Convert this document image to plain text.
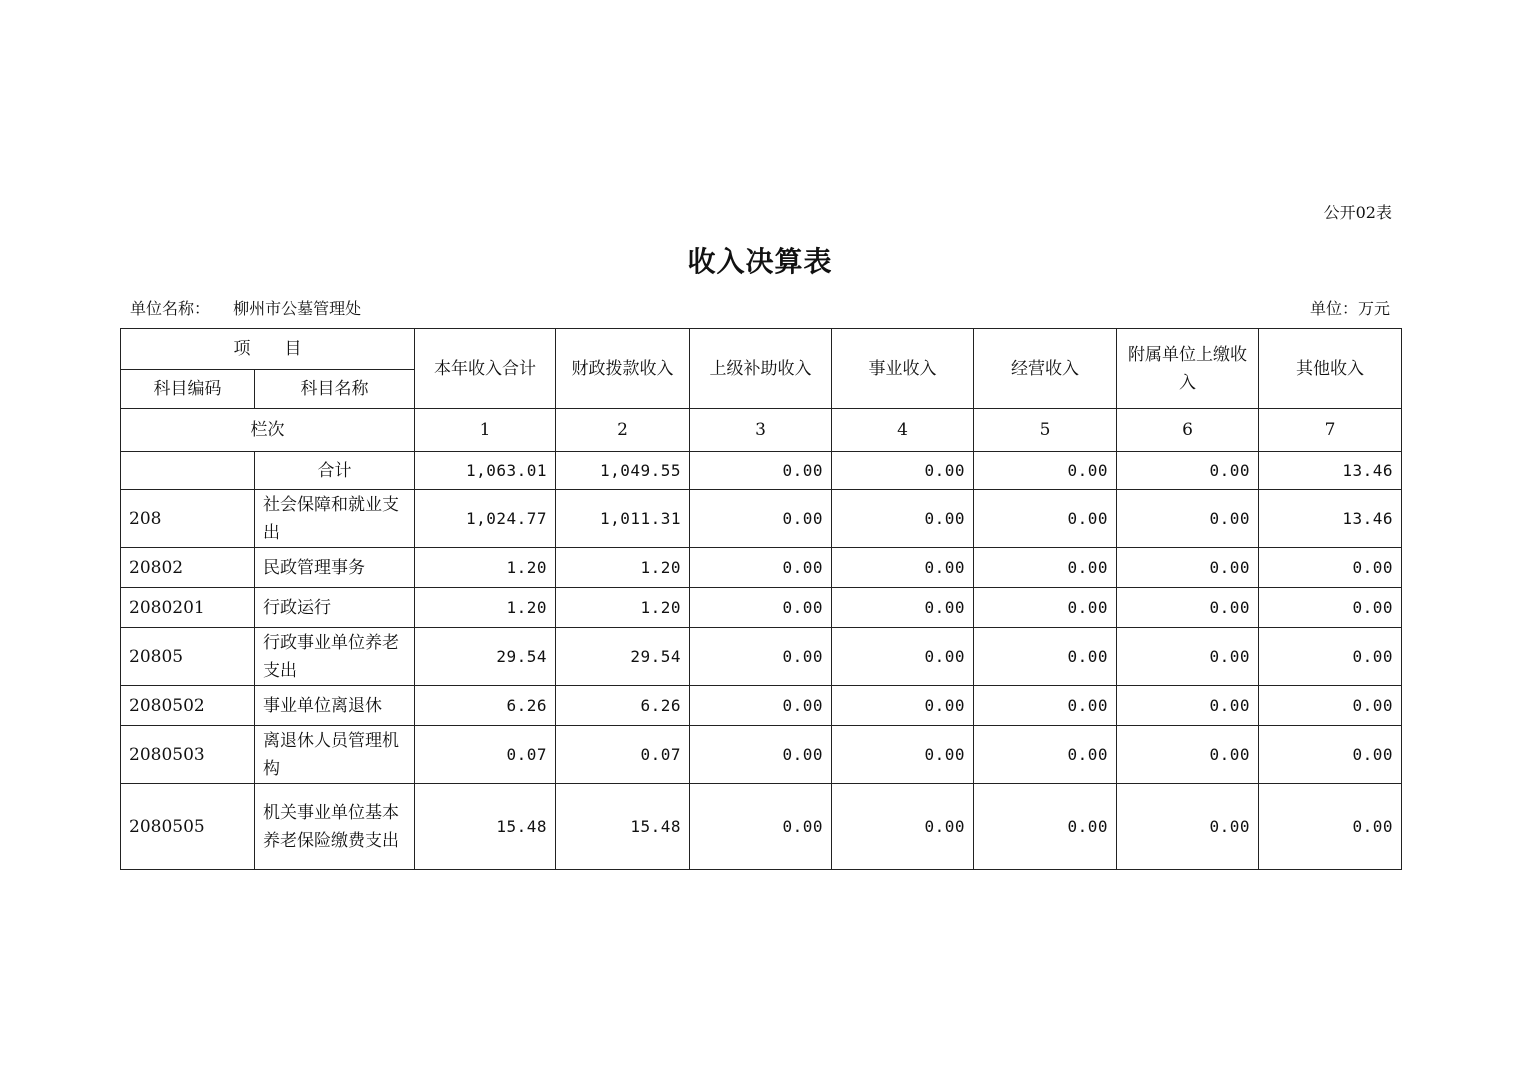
公开02表
收入决算表
单位名称： 柳州市公墓管理处	单位：万元
项　　目		本年收入合计	财政拨款收入	上级补助收入	事业收入	经营收入	附属单位上缴收入	其他收入
科目编码	科目名称							
栏次		1	2	3	4	5	6	7
	合计	1,063.01	1,049.55	0.00	0.00	0.00	0.00	13.46
208	社会保障和就业支出	1,024.77	1,011.31	0.00	0.00	0.00	0.00	13.46
20802	民政管理事务	1.20	1.20	0.00	0.00	0.00	0.00	0.00
2080201	行政运行	1.20	1.20	0.00	0.00	0.00	0.00	0.00
20805	行政事业单位养老支出	29.54	29.54	0.00	0.00	0.00	0.00	0.00
2080502	事业单位离退休	6.26	6.26	0.00	0.00	0.00	0.00	0.00
2080503	离退休人员管理机构	0.07	0.07	0.00	0.00	0.00	0.00	0.00
2080505	机关事业单位基本养老保险缴费支出	15.48	15.48	0.00	0.00	0.00	0.00	0.00
